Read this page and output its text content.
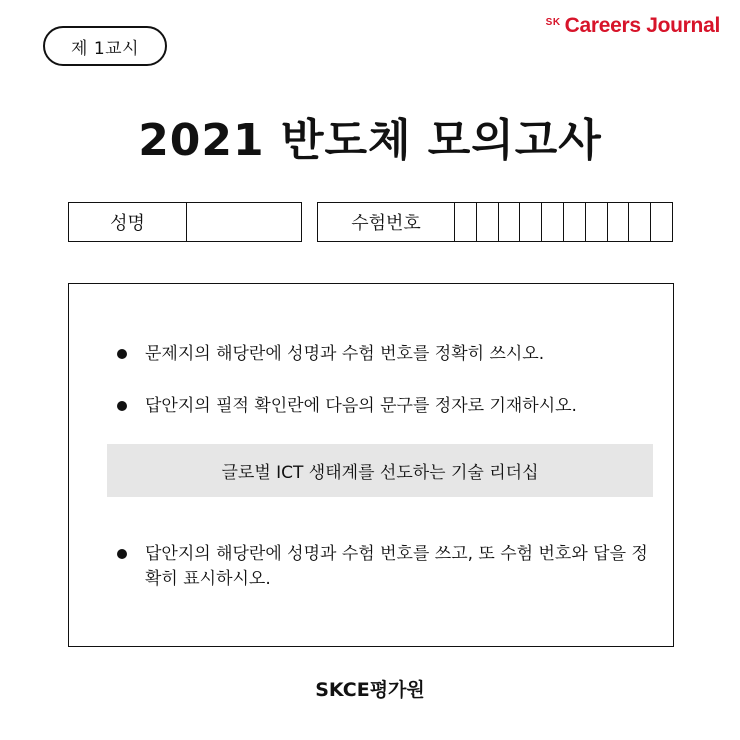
제 1교시
SK Careers Journal
2021 반도체 모의고사
성명	수험번호
문제지의 해당란에 성명과 수험 번호를 정확히 쓰시오.
답안지의 필적 확인란에 다음의 문구를 정자로 기재하시오.
글로벌 ICT 생태계를 선도하는 기술 리더십
답안지의 해당란에 성명과 수험 번호를 쓰고, 또 수험 번호와 답을 정확히 표시하시오.
SKCE평가원
